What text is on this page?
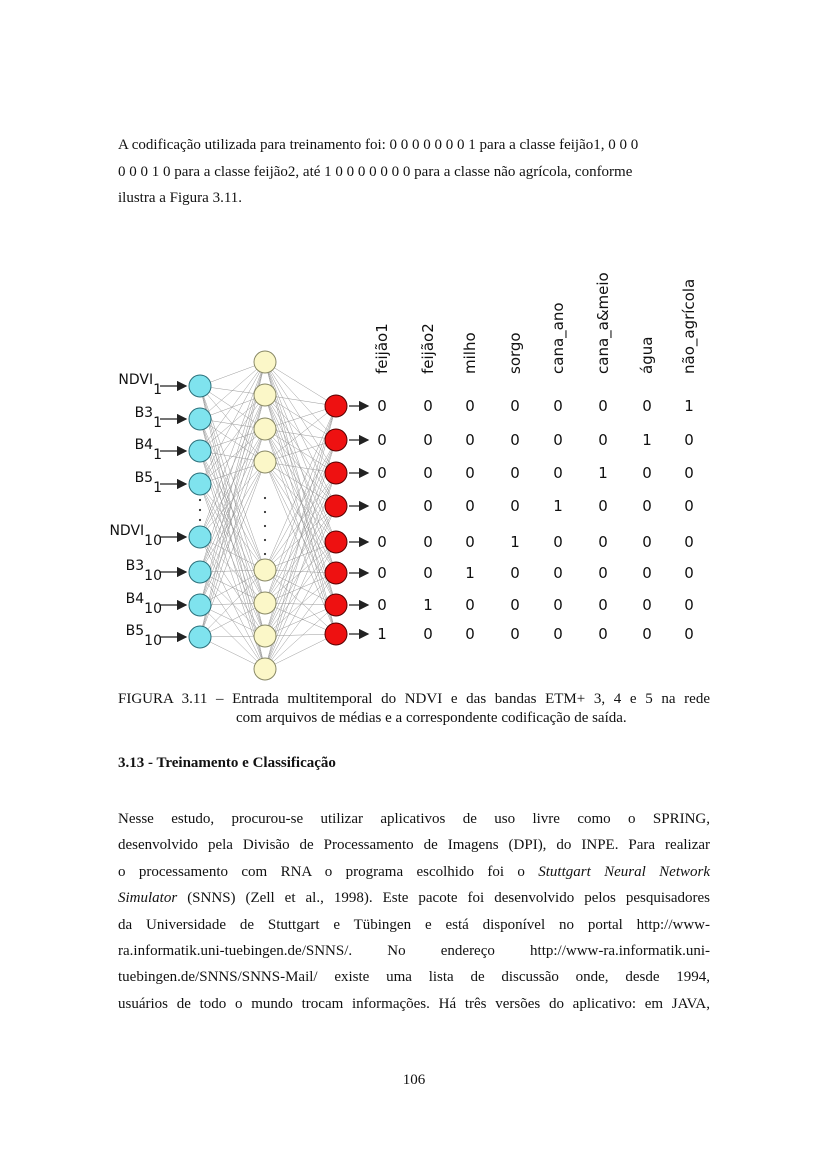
A codificação utilizada para treinamento foi: 0 0 0 0 0 0 0 1 para a classe feijão1, 0 0 0
0 0 0 1 0 para a classe feijão2, até 1 0 0 0 0 0 0 0 para a classe não agrícola, conforme
ilustra a Figura 3.11.
NDVI1
B31
B41
B51
NDVI10
B310
B410
B510
feijão1 feijão2 milho sorgo cana_ano cana_a&meio água não_agrícola
0 0 0 0 0 0 0 1
0 0 0 0 0 0 1 0
0 0 0 0 0 1 0 0
0 0 0 0 1 0 0 0
0 0 0 1 0 0 0 0
0 0 1 0 0 0 0 0
0 1 0 0 0 0 0 0
1 0 0 0 0 0 0 0
FIGURA 3.11 – Entrada multitemporal do NDVI e das bandas ETM+ 3, 4 e 5 na rede
com arquivos de médias e a correspondente codificação de saída.
3.13 - Treinamento e Classificação
Nesse estudo, procurou-se utilizar aplicativos de uso livre como o SPRING,
desenvolvido pela Divisão de Processamento de Imagens (DPI), do INPE. Para realizar
o processamento com RNA o programa escolhido foi o Stuttgart Neural Network
Simulator (SNNS) (Zell et al., 1998). Este pacote foi desenvolvido pelos pesquisadores
da Universidade de Stuttgart e Tübingen e está disponível no portal http://www-
ra.informatik.uni-tuebingen.de/SNNS/. No endereço http://www-ra.informatik.uni-
tuebingen.de/SNNS/SNNS-Mail/ existe uma lista de discussão onde, desde 1994,
usuários de todo o mundo trocam informações. Há três versões do aplicativo: em JAVA,
106
